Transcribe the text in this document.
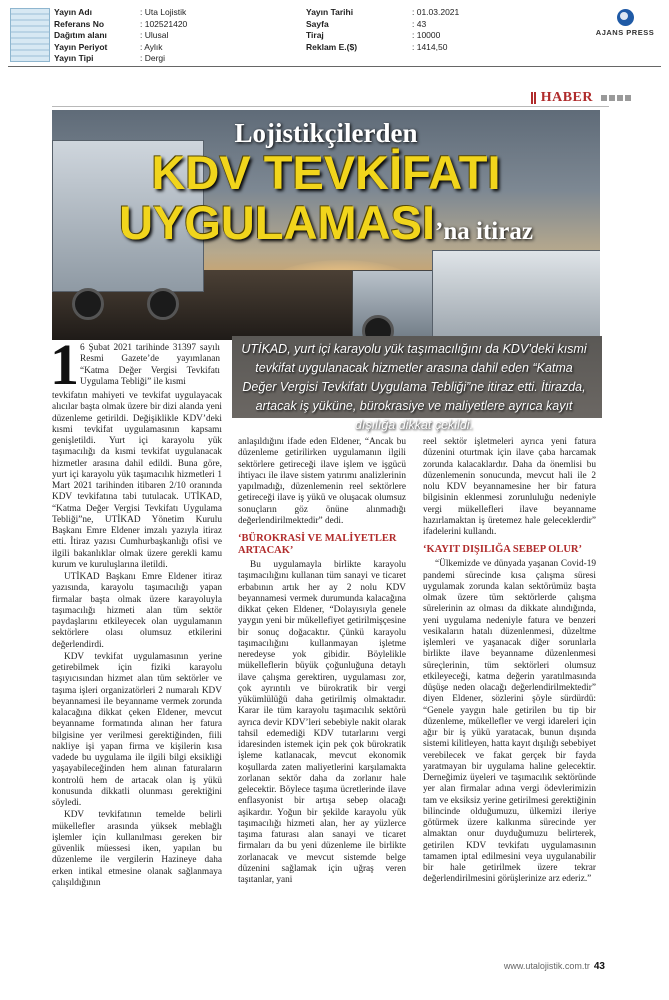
Yayın Adı	: Uta Lojistik
Referans No	: 102521420
Dağıtım alanı	: Ulusal
Yayın Periyot	: Aylık
Yayın Tipi	: Dergi
Yayın Tarihi	: 01.03.2021
Sayfa	: 43
Tiraj	: 10000
Reklam E.($)	: 1414,50
AJANS PRESS
HABER
Lojistikçilerden
KDV TEVKİFATI
UYGULAMASI’na itiraz
UTİKAD, yurt içi karayolu yük taşımacılığını da KDV’deki kısmi tevkifat uygulanacak hizmetler arasına dahil eden “Katma Değer Vergisi Tevkifatı Uygulama Tebliği”ne itiraz etti. İtirazda, artacak iş yüküne, bürokrasiye ve maliyetlere ayrıca kayıt dışılığa dikkat çekildi.
1 6 Şubat 2021 tarihinde 31397 sayılı Resmi Gazete’de yayımlanan “Katma Değer Vergisi Tevkifatı Uygulama Tebliği” ile kısmi

tevkifatın mahiyeti ve tevkifat uygulayacak alıcılar başta olmak üzere bir dizi alanda yeni düzenleme getirildi. Değişiklikle KDV’deki kısmi tevkifat uygulamasının kapsamı genişletildi. Yurt içi karayolu yük taşımacılığı da kısmi tevkifat uygulanacak hizmetler arasına dahil edildi. Buna göre, yurt içi karayolu yük taşımacılık hizmetleri 1 Mart 2021 tarihinden itibaren 2/10 oranında KDV tevkifatına tabi tutulacak. UTİKAD, “Katma Değer Vergisi Tevkifatı Uygulama Tebliği”ne, UTİKAD Yönetim Kurulu Başkanı Emre Eldener imzalı yazıyla itiraz etti. İtiraz yazısı Cumhurbaşkanlığı ofisi ve ilgili bakanlıklar olmak üzere gerekli kamu kurum ve kuruluşlarına iletildi.

UTİKAD Başkanı Emre Eldener itiraz yazısında, karayolu taşımacılığı yapan firmalar başta olmak üzere karayoluyla taşımacılığı hizmeti alan tüm sektör paydaşlarını etkileyecek olan uygulamanın sektörlere olası olumsuz etkilerini değerlendirdi.

KDV tevkifat uygulamasının yerine getirebilmek için fiziki karayolu taşıyıcısından hizmet alan tüm sektörler ve taşıma işleri organizatörleri 2 numaralı KDV beyannamesi ile beyanname vermek zorunda kalacağına dikkat çeken Eldener, mevcut beyanname formatında alınan her fatura bilgisine yer verilmesi gerektiğinden, fiili nakliye işi yapan firma ve kişilerin kısa vadede bu uygulama ile ilgili bilgi eksikliği yaşayabileceğinden hem alınan faturaların kontrolü hem de artacak olan iş yükü konusunda dikkatli olunması gerektiğini söyledi.

KDV tevkifatının temelde belirli mükellefler arasında yüksek meblağlı işlemler için kullanılması gereken bir güvenlik müessesi iken, yapılan bu düzenleme ile vergilerin Hazineye daha erken intikal etmesine olanak sağlanmaya çalışıldığının

anlaşıldığını ifade eden Eldener, “Ancak bu düzenleme getirilirken uygulamanın ilgili sektörlere getireceği ilave işlem ve işgücü ihtiyacı ile ilave sistem yatırımı analizlerinin yapılmadığı, düzenlemenin reel sektörlere getireceği ilave iş yükü ve oluşacak olumsuz sonuçların göz önüne alınmadığı değerlendirilmektedir” dedi.

‘BÜROKRASİ VE MALİYETLER ARTACAK’

Bu uygulamayla birlikte karayolu taşımacılığını kullanan tüm sanayi ve ticaret erbabının artık her ay 2 nolu KDV beyannamesi vermek durumunda kalacağına dikkat çeken Eldener, “Dolayısıyla genele yaygın yeni bir mükellefiyet getirilmişçesine bir sonuç doğacaktır. Çünkü karayolu taşımacılığını kullanmayan işletme neredeyse yok gibidir. Böylelikle mükelleflerin büyük çoğunluğuna detaylı ilave çalışma gerektiren, uygulaması zor, çok ayrıntılı ve bürokratik bir vergi yükümlülüğü daha getirilmiş olmaktadır. Karar ile tüm karayolu taşımacılık sektörü ayrıca devir KDV’leri sebebiyle nakit olarak tahsil edemediği KDV tutarlarını vergi idaresinden istemek için pek çok bürokratik işleme katlanacak, mevcut ekonomik koşullarda zaten maliyetlerini karşılamakta zorlanan sektör daha da zorlanır hale gelecektir. Böylece taşıma ücretlerinde ilave enflasyonist bir artışa sebep olacağı aşikardır. Yoğun bir şekilde karayolu yük taşımacılığı hizmeti alan, her ay yüzlerce taşıma faturası alan sanayi ve ticaret firmaları da bu yeni düzenleme ile birlikte zorlanacak ve mevcut sistemde belge düzenini sağlamak için uğraş veren taşıtanlar, yani

reel sektör işletmeleri ayrıca yeni fatura düzenini oturtmak için ilave çaba harcamak zorunda kalacaklardır. Daha da önemlisi bu düzenlemenin sonucunda, mevcut hali ile 2 nolu KDV beyannamesine her bir fatura bilgisinin eklenmesi zorunluluğu nedeniyle vergi mükellefleri ilave beyanname hazırlamaktan iş üretemez hale geleceklerdir” ifadelerini kullandı.

‘KAYIT DIŞILIĞA SEBEP OLUR’

“Ülkemizde ve dünyada yaşanan Covid-19 pandemi sürecinde kısa çalışma süresi uygulamak zorunda kalan sektörümüz başta olmak üzere tüm sektörlerde çalışma sürelerinin az olması da dikkate alındığında, yeni uygulama nedeniyle fatura ve benzeri vesikaların hatalı düzenlenmesi, düzeltme işlemleri ve yaşanacak diğer sorunlarla birlikte ilave beyanname düzenlenmesi süreçlerinin, tüm sektörleri olumsuz etkileyeceği, katma değerin yaratılmasında düşüşe neden olacağı değerlendirilmektedir” diyen Eldener, sözlerini şöyle sürdürdü: “Genele yaygın hale getirilen bu tip bir düzenleme, mükellefler ve vergi idareleri için ağır bir iş yükü yaratacak, bunun dışında sistemi kilitleyen, hatta kayıt dışılığı sebebiyet verebilecek ve fakat gerçek bir fayda yaratmayan bir uygulama haline gelecektir. Derneğimiz üyeleri ve taşımacılık sektöründe yer alan firmalar adına vergi ödevlerimizin tam ve eksiksiz yerine getirilmesi gerektiğinin bilincinde olduğumuzu, ülkemizi ileriye götürmek üzere kalkınma sürecinde yer almaktan onur duyduğumuzu belirterek, getirilen KDV tevkifatı uygulamasının tamamen iptal edilmesini veya uygulanabilir bir hale getirilmek üzere tekrar değerlendirilmesini görüşlerinize arz ederiz.”

www.utalojistik.com.tr 43
